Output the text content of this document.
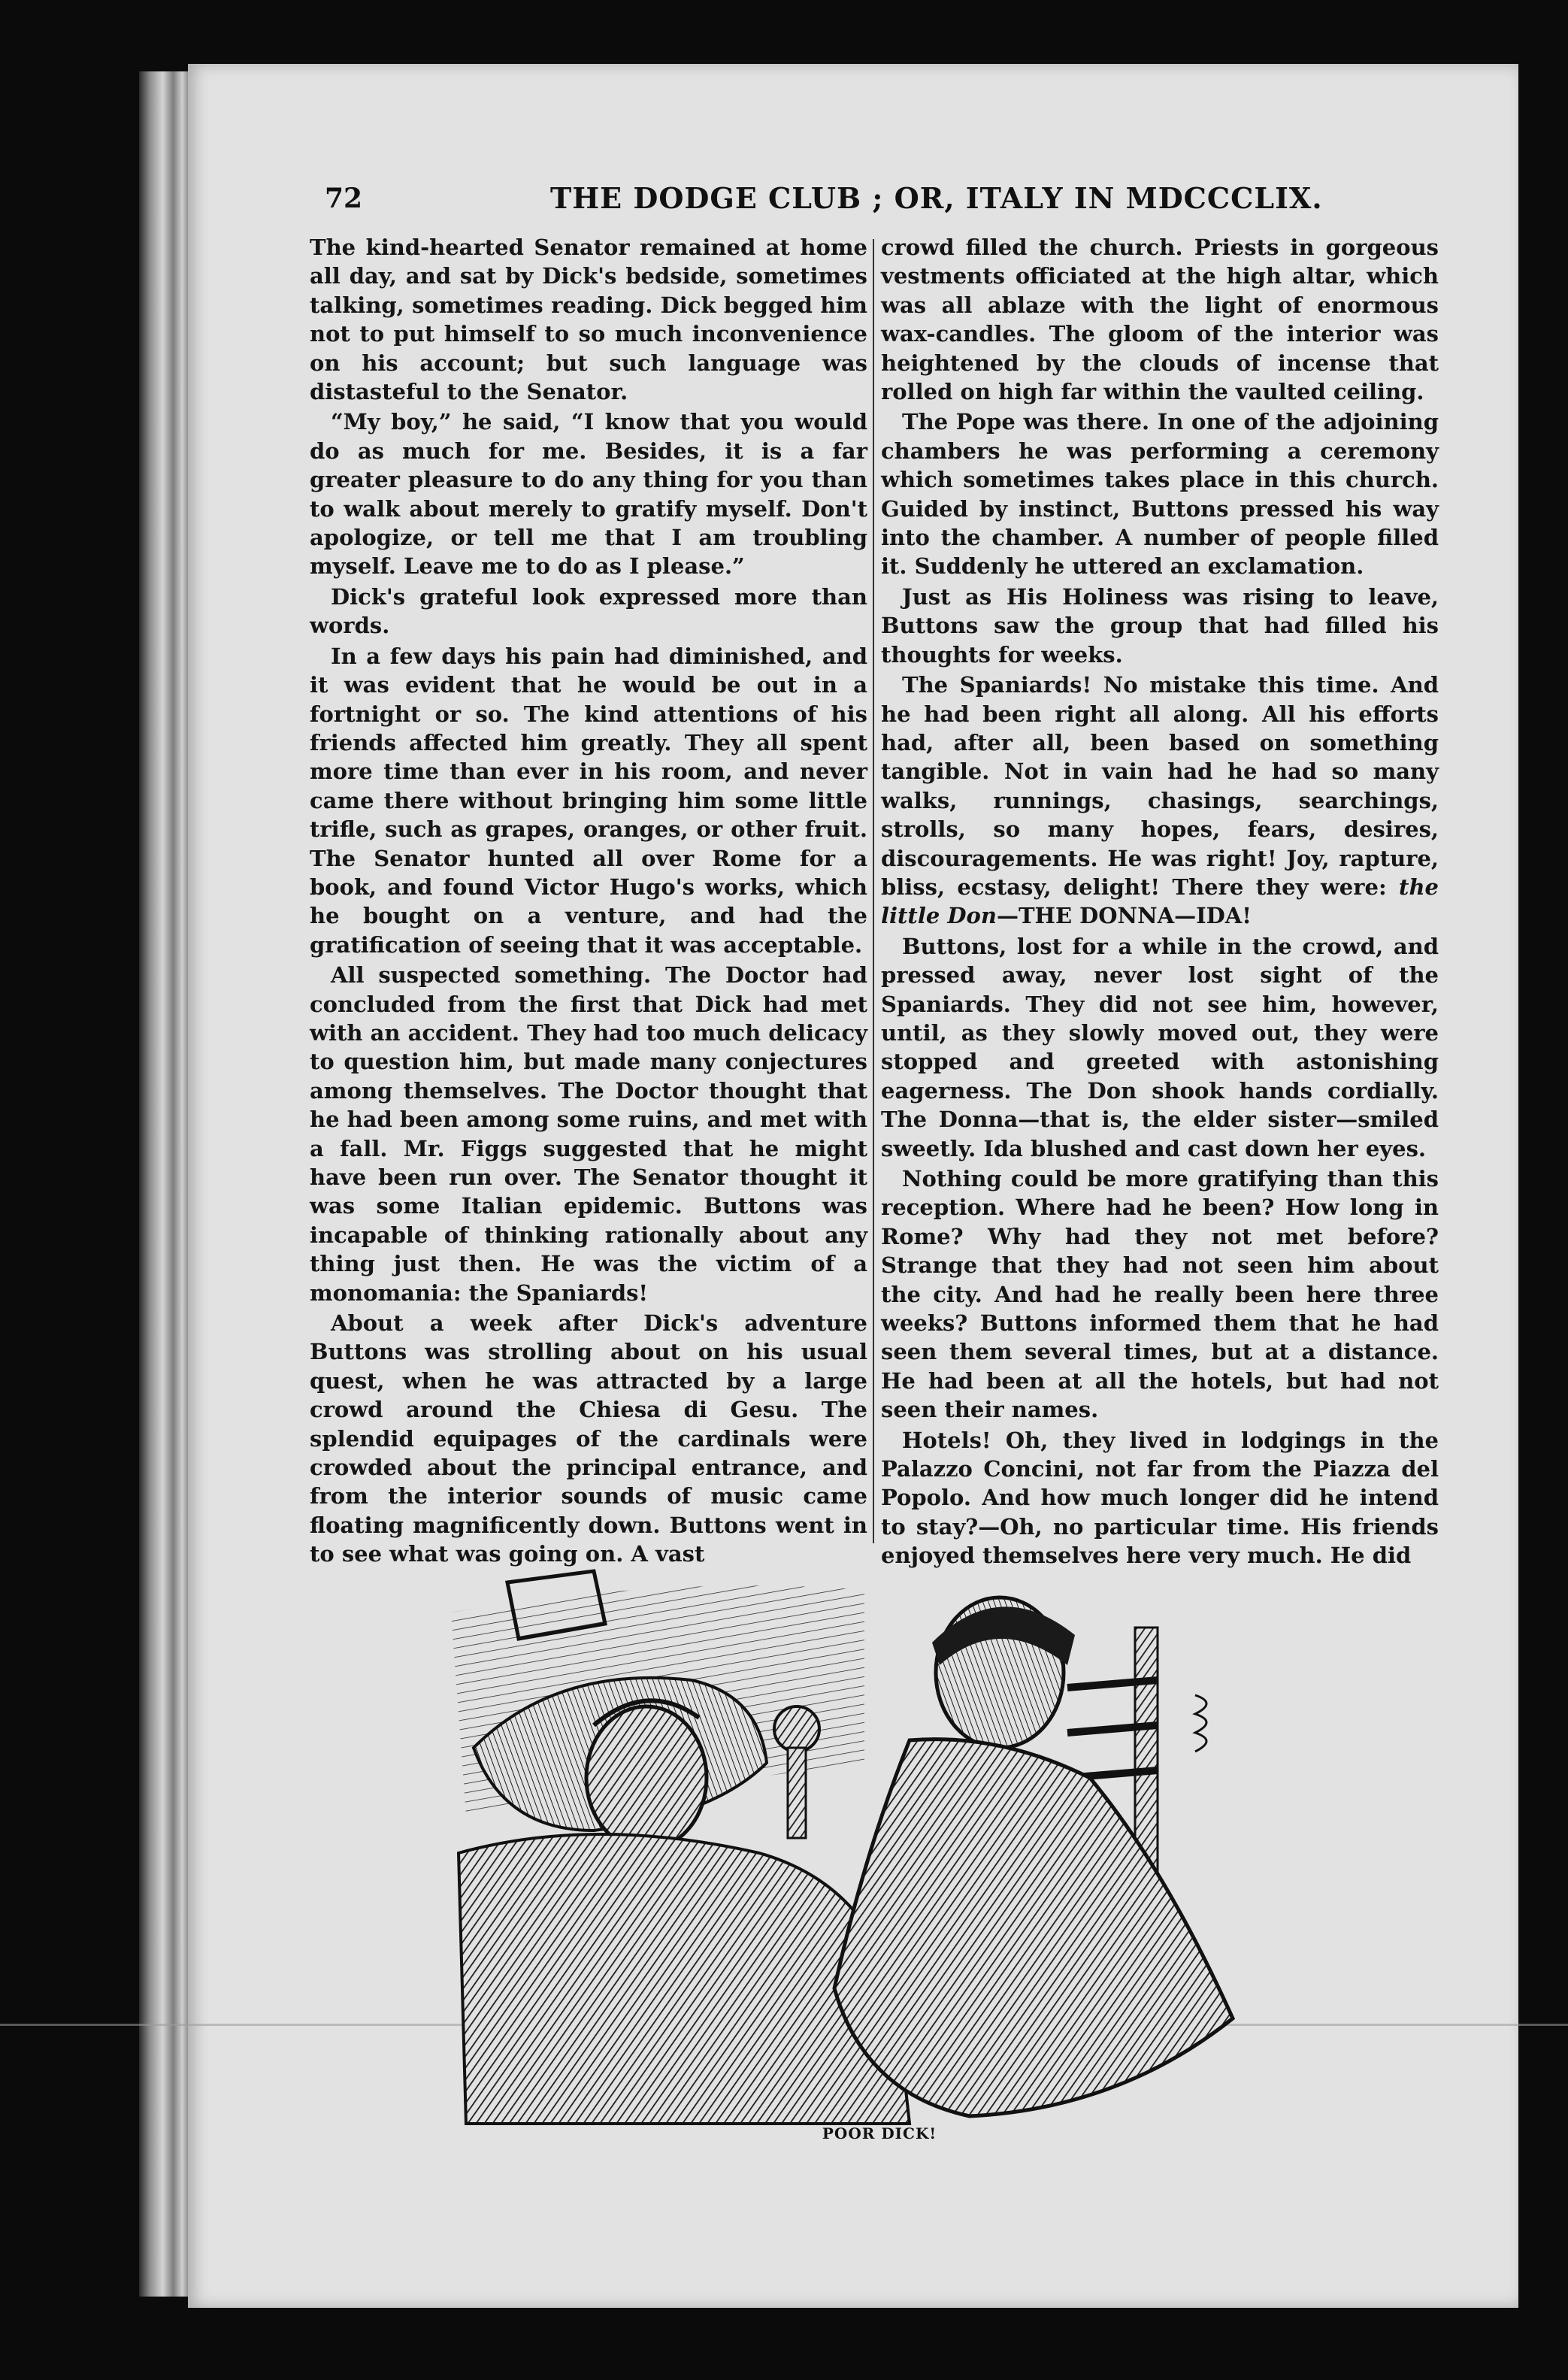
72	THE DODGE CLUB ; OR, ITALY IN MDCCCLIX.

The kind-hearted Senator remained at home all day, and sat by Dick's bedside, sometimes talking, sometimes reading. Dick begged him not to put himself to so much inconvenience on his account; but such language was distasteful to the Senator.

“My boy,” he said, “I know that you would do as much for me. Besides, it is a far greater pleasure to do any thing for you than to walk about merely to gratify myself. Don't apologize, or tell me that I am troubling myself. Leave me to do as I please.”

Dick's grateful look expressed more than words.

In a few days his pain had diminished, and it was evident that he would be out in a fortnight or so. The kind attentions of his friends affected him greatly. They all spent more time than ever in his room, and never came there without bringing him some little trifle, such as grapes, oranges, or other fruit. The Senator hunted all over Rome for a book, and found Victor Hugo's works, which he bought on a venture, and had the gratification of seeing that it was acceptable.

All suspected something. The Doctor had concluded from the first that Dick had met with an accident. They had too much delicacy to question him, but made many conjectures among themselves. The Doctor thought that he had been among some ruins, and met with a fall. Mr. Figgs suggested that he might have been run over. The Senator thought it was some Italian epidemic. Buttons was incapable of thinking rationally about any thing just then. He was the victim of a monomania: the Spaniards!

About a week after Dick's adventure Buttons was strolling about on his usual quest, when he was attracted by a large crowd around the Chiesa di Gesu. The splendid equipages of the cardinals were crowded about the principal entrance, and from the interior sounds of music came floating magnificently down. Buttons went in to see what was going on. A vast

crowd filled the church. Priests in gorgeous vestments officiated at the high altar, which was all ablaze with the light of enormous wax-candles. The gloom of the interior was heightened by the clouds of incense that rolled on high far within the vaulted ceiling.

The Pope was there. In one of the adjoining chambers he was performing a ceremony which sometimes takes place in this church. Guided by instinct, Buttons pressed his way into the chamber. A number of people filled it. Suddenly he uttered an exclamation.

Just as His Holiness was rising to leave, Buttons saw the group that had filled his thoughts for weeks.

The Spaniards! No mistake this time. And he had been right all along. All his efforts had, after all, been based on something tangible. Not in vain had he had so many walks, runnings, chasings, searchings, strolls, so many hopes, fears, desires, discouragements. He was right! Joy, rapture, bliss, ecstasy, delight! There they were: the little Don—THE DONNA—IDA!

Buttons, lost for a while in the crowd, and pressed away, never lost sight of the Spaniards. They did not see him, however, until, as they slowly moved out, they were stopped and greeted with astonishing eagerness. The Don shook hands cordially. The Donna—that is, the elder sister—smiled sweetly. Ida blushed and cast down her eyes.

Nothing could be more gratifying than this reception. Where had he been? How long in Rome? Why had they not met before? Strange that they had not seen him about the city. And had he really been here three weeks? Buttons informed them that he had seen them several times, but at a distance. He had been at all the hotels, but had not seen their names.

Hotels! Oh, they lived in lodgings in the Palazzo Concini, not far from the Piazza del Popolo. And how much longer did he intend to stay?—Oh, no particular time. His friends enjoyed themselves here very much. He did

POOR DICK!
